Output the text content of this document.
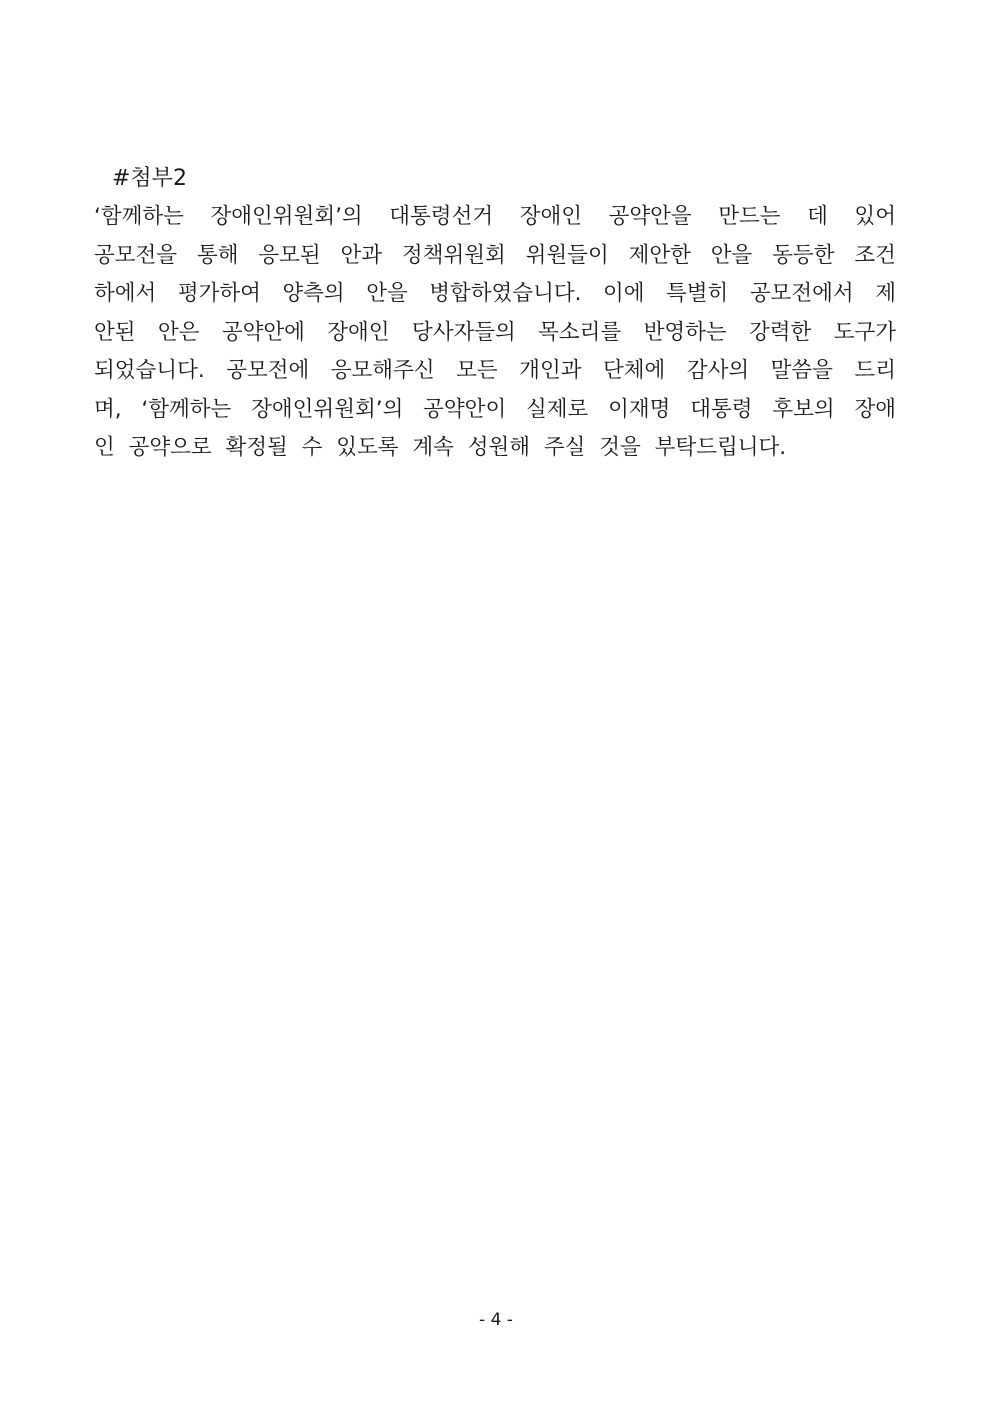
#첨부2
‘함께하는 장애인위원회’의 대통령선거 장애인 공약안을 만드는 데 있어
공모전을 통해 응모된 안과 정책위원회 위원들이 제안한 안을 동등한 조건
하에서 평가하여 양측의 안을 병합하였습니다. 이에 특별히 공모전에서 제
안된 안은 공약안에 장애인 당사자들의 목소리를 반영하는 강력한 도구가
되었습니다. 공모전에 응모해주신 모든 개인과 단체에 감사의 말씀을 드리
며, ‘함께하는 장애인위원회’의 공약안이 실제로 이재명 대통령 후보의 장애
인 공약으로 확정될 수 있도록 계속 성원해 주실 것을 부탁드립니다.
- 4 -
